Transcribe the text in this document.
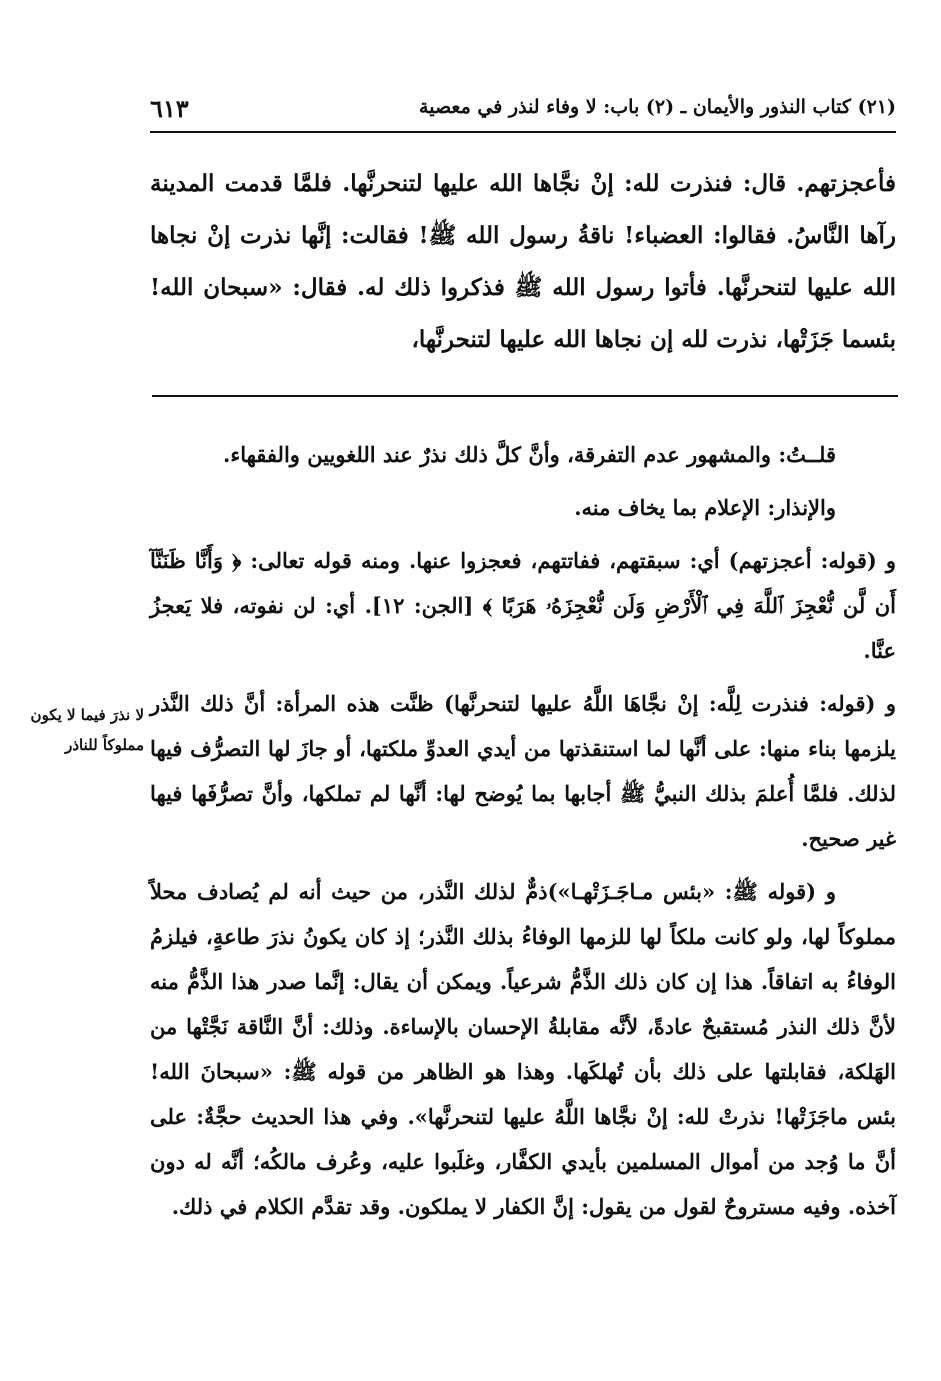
(٢١) كتاب النذور والأيمان ـ (٢) باب: لا وفاء لنذر في معصية
٦١٣

فأعجزتهم. قال: فنذرت لله: إنْ نجَّاها الله عليها لتنحرنَّها. فلمَّا قدمت المدينة رآها النَّاسُ. فقالوا: العضباء! ناقةُ رسول الله ﷺ! فقالت: إنَّها نذرت إنْ نجاها الله عليها لتنحرنَّها. فأتوا رسول الله ﷺ فذكروا ذلك له. فقال: «سبحان الله! بئسما جَزَتْها، نذرت لله إن نجاها الله عليها لتنحرنَّها،

قلــتُ: والمشهور عدم التفرقة، وأنَّ كلَّ ذلك نذرٌ عند اللغويين والفقهاء.

والإنذار: الإعلام بما يخاف منه.

و (قوله: أعجزتهم) أي: سبقتهم، ففاتتهم، فعجزوا عنها. ومنه قوله تعالى: ﴿ وَأَنَّا ظَنَنَّآ أَن لَّن نُّعْجِزَ ٱللَّهَ فِي ٱلْأَرْضِ وَلَن نُّعْجِزَهُۥ هَرَبًا ﴾ [الجن: ١٢]. أي: لن نفوته، فلا يَعجزُ عنَّا.

و (قوله: فنذرت لِلَّه: إنْ نجَّاهَا اللَّهُ عليها لتنحرنَّها) ظنَّت هذه المرأة: أنَّ ذلك النَّذر يلزمها بناء منها: على أنَّها لما استنقذتها من أيدي العدوِّ ملكتها، أو جازَ لها التصرُّف فيها لذلك. فلمَّا أُعلمَ بذلك النبيُّ ﷺ أجابها بما يُوضح لها: أنَّها لم تملكها، وأنَّ تصرُّفَها فيها غير صحيح.

و (قوله ﷺ: «بئس مـاجَـزَتْهـا»)ذمٌّ لذلك النَّذر، من حيث أنه لم يُصادف محلاً مملوكاً لها، ولو كانت ملكاً لها للزمها الوفاءُ بذلك النَّذر؛ إذ كان يكونُ نذرَ طاعةٍ، فيلزمُ الوفاءُ به اتفاقاً. هذا إن كان ذلك الذَّمُّ شرعياً. ويمكن أن يقال: إنَّما صدر هذا الذَّمُّ منه لأنَّ ذلك النذر مُستقبحٌ عادةً، لأنَّه مقابلةُ الإحسان بالإساءة. وذلك: أنَّ النَّاقة نَجَّتْها من الهَلكة، فقابلتها على ذلك بأن تُهلكَها. وهذا هو الظاهر من قوله ﷺ: «سبحانَ الله! بئس ماجَزَتْها! نذرتْ لله: إنْ نجَّاها اللَّهُ عليها لتنحرنَّها». وفي هذا الحديث حجَّةٌ: على أنَّ ما وُجد من أموال المسلمين بأيدي الكفَّار، وغلَبوا عليه، وعُرف مالكُه؛ أنَّه له دون آخذه. وفيه مستروحٌ لقول من يقول: إنَّ الكفار لا يملكون. وقد تقدَّم الكلام في ذلك.

لا نذرَ فيما لا يكون مملوكاً للناذر
